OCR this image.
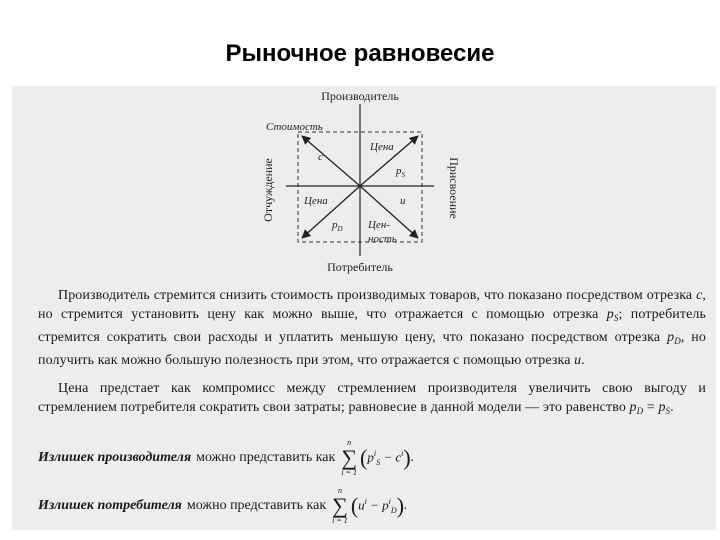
Рыночное равновесие
Производитель
Потребитель
Отчуждение	Присвоение
Стоимость
Цена
Цена
Цен-
ность
c
u
$p_S$
$p_D$
Производитель стремится снизить стоимость производимых товаров, что показано посредством отрезка c, но стремится установить цену как можно выше, что отражается с помощью отрезка $p_S$; потребитель стремится сократить свои расходы и уплатить меньшую цену, что показано посредством отрезка $p_D$, но получить как можно большую полезность при этом, что отражается с помощью отрезка u.
Цена предстает как компромисс между стремлением производителя увеличить свою выгоду и стремлением потребителя сократить свои затраты; равновесие в данной модели — это равенство $p_D = p_S$.
Излишек производителя можно представить как
n
∑
i = 1
( $p^i_S - c^i$ ) .
Излишек потребителя можно представить как
n
∑
i = 1
( $u^i - p^i_D$ ) .
